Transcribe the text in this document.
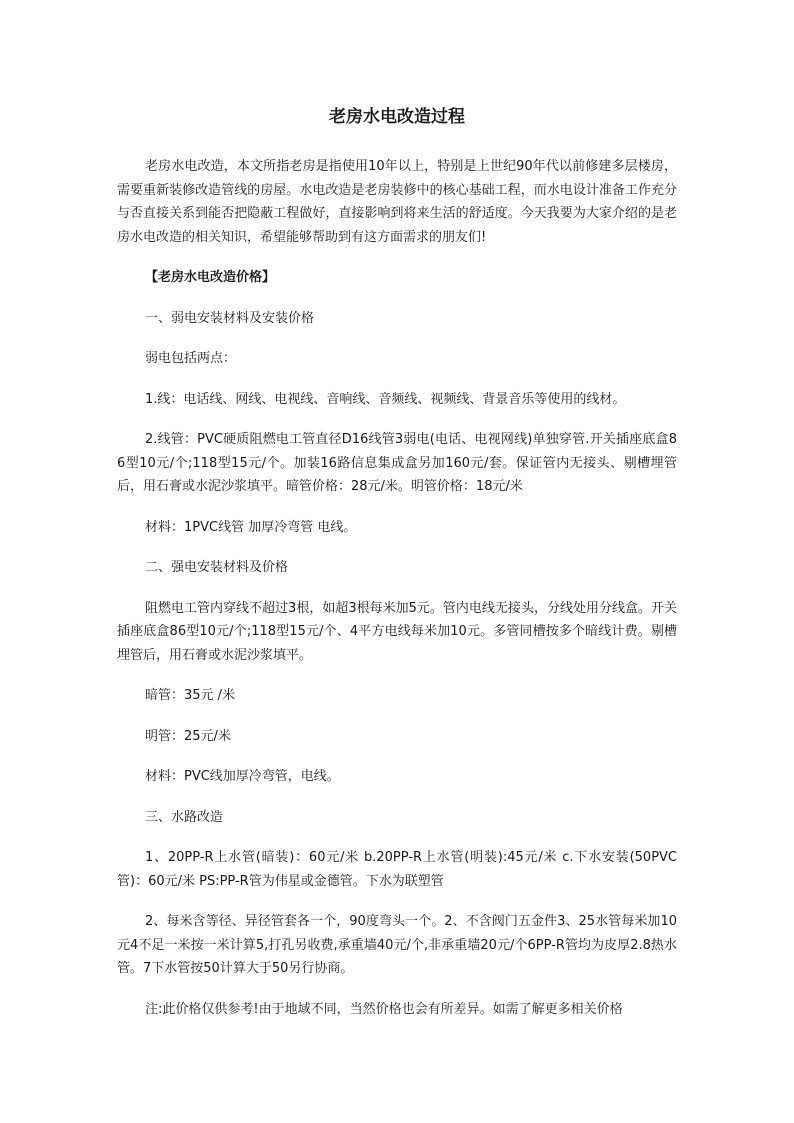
老房水电改造过程

老房水电改造，本文所指老房是指使用10年以上，特别是上世纪90年代以前修建多层楼房，需要重新装修改造管线的房屋。水电改造是老房装修中的核心基础工程，而水电设计准备工作充分与否直接关系到能否把隐蔽工程做好，直接影响到将来生活的舒适度。今天我要为大家介绍的是老房水电改造的相关知识，希望能够帮助到有这方面需求的朋友们!

【老房水电改造价格】

一、弱电安装材料及安装价格

弱电包括两点：

1.线：电话线、网线、电视线、音响线、音频线、视频线、背景音乐等使用的线材。

2.线管：PVC硬质阻燃电工管直径D16线管3弱电(电话、电视网线)单独穿管.开关插座底盒86型10元/个;118型15元/个。加装16路信息集成盒另加160元/套。保证管内无接头、剔槽埋管后，用石膏或水泥沙浆填平。暗管价格：28元/米。明管价格：18元/米

材料：1PVC线管 加厚冷弯管 电线。

二、强电安装材料及价格

阻燃电工管内穿线不超过3根，如超3根每米加5元。管内电线无接头，分线处用分线盒。开关插座底盒86型10元/个;118型15元/个、4平方电线每米加10元。多管同槽按多个暗线计费。剔槽埋管后，用石膏或水泥沙浆填平。

暗管：35元 /米

明管：25元/米

材料：PVC线加厚冷弯管，电线。

三、水路改造

1、20PP-R上水管(暗装)：60元/米 b.20PP-R上水管(明装):45元/米 c.下水安装(50PVC管)：60元/米 PS:PP-R管为伟星或金德管。下水为联塑管

2、每米含等径、异径管套各一个，90度弯头一个。2、不含阀门五金件3、25水管每米加10元4不足一米按一米计算5,打孔另收费,承重墙40元/个,非承重墙20元/个6PP-R管均为皮厚2.8热水管。7下水管按50计算大于50另行协商。

注:此价格仅供参考!由于地域不同，当然价格也会有所差异。如需了解更多相关价格
